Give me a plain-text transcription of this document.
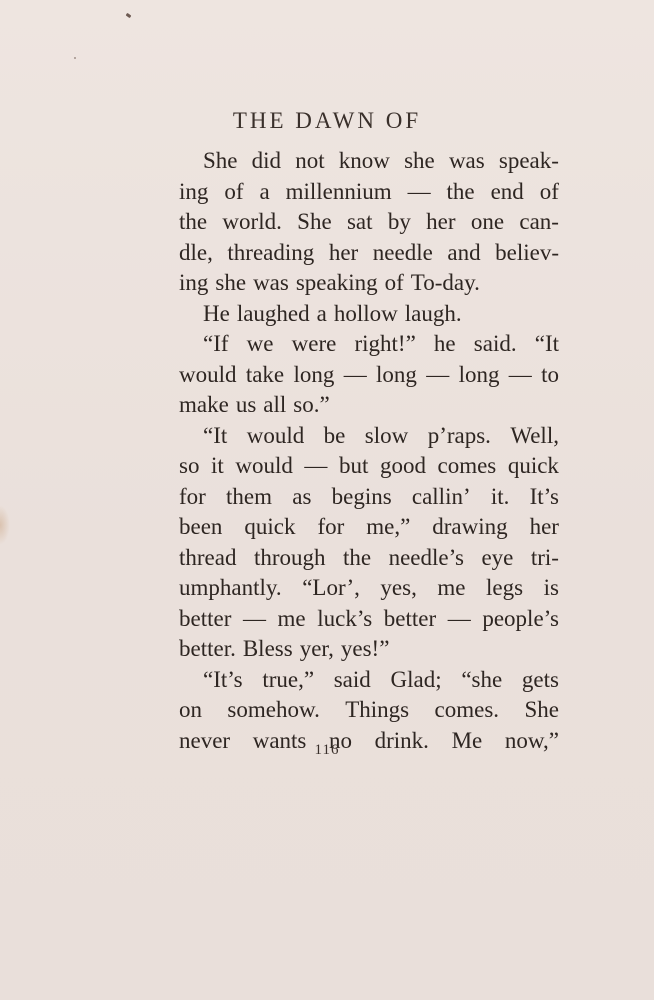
THE DAWN OF
She did not know she was speak-
ing of a millennium — the end of
the world. She sat by her one can-
dle, threading her needle and believ-
ing she was speaking of To-day.
He laughed a hollow laugh.
“If we were right!” he said. “It
would take long — long — long — to
make us all so.”
“It would be slow p’raps. Well,
so it would — but good comes quick
for them as begins callin’ it. It’s
been quick for me,” drawing her
thread through the needle’s eye tri-
umphantly. “Lor’, yes, me legs is
better — me luck’s better — people’s
better. Bless yer, yes!”
“It’s true,” said Glad; “she gets
on somehow. Things comes. She
never wants no drink. Me now,”
116
